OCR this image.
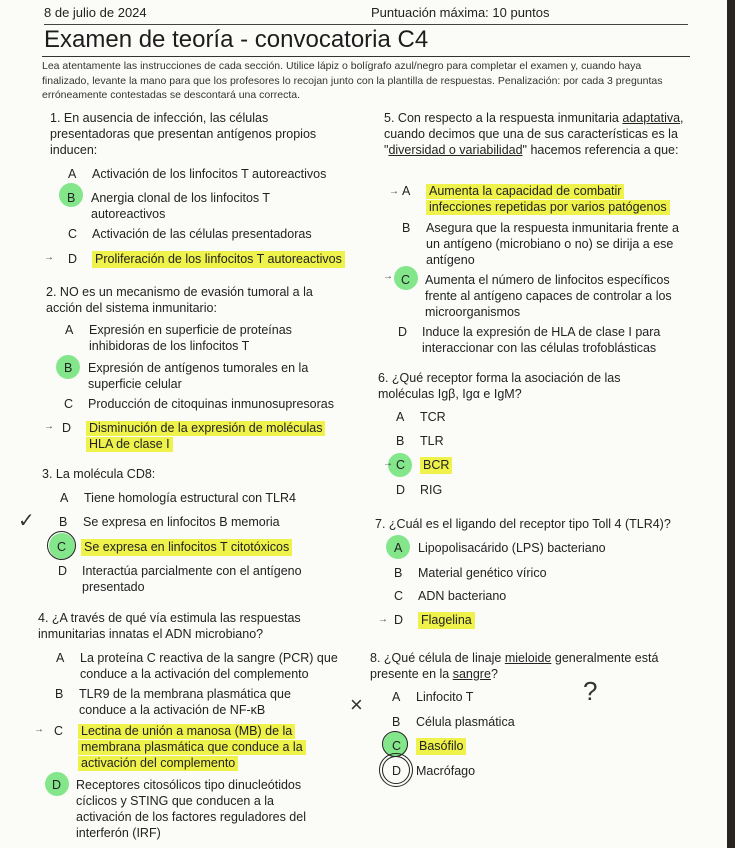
8 de julio de 2024	Puntuación máxima: 10 puntos
Examen de teoría - convocatoria C4
Lea atentamente las instrucciones de cada sección. Utilice lápiz o bolígrafo azul/negro para completar el examen y, cuando haya finalizado, levante la mano para que los profesores lo recojan junto con la plantilla de respuestas. Penalización: por cada 3 preguntas erróneamente contestadas se descontará una correcta.
1. En ausencia de infección, las células presentadoras que presentan antígenos propios inducen:
A	Activación de los linfocitos T autoreactivos
B	Anergia clonal de los linfocitos T autoreactivos
C	Activación de las células presentadoras
→ D	Proliferación de los linfocitos T autoreactivos
2. NO es un mecanismo de evasión tumoral a la acción del sistema inmunitario:
A	Expresión en superficie de proteínas inhibidoras de los linfocitos T
B	Expresión de antígenos tumorales en la superficie celular
C	Producción de citoquinas inmunosupresoras
→ D	Disminución de la expresión de moléculas HLA de clase I
3. La molécula CD8:
A	Tiene homología estructural con TLR4
✓ B	Se expresa en linfocitos B memoria
C	Se expresa en linfocitos T citotóxicos
D	Interactúa parcialmente con el antígeno presentado
4. ¿A través de qué vía estimula las respuestas inmunitarias innatas el ADN microbiano?
A	La proteína C reactiva de la sangre (PCR) que conduce a la activación del complemento
B	TLR9 de la membrana plasmática que conduce a la activación de NF-κB	×
→ C	Lectina de unión a manosa (MB) de la membrana plasmática que conduce a la activación del complemento
D	Receptores citosólicos tipo dinucleótidos cíclicos y STING que conducen a la activación de los factores reguladores del interferón (IRF)
5. Con respecto a la respuesta inmunitaria adaptativa, cuando decimos que una de sus características es la "diversidad o variabilidad" hacemos referencia a que:
→ A	Aumenta la capacidad de combatir infecciones repetidas por varios patógenos
B	Asegura que la respuesta inmunitaria frente a un antígeno (microbiano o no) se dirija a ese antígeno
→ C	Aumenta el número de linfocitos específicos frente al antígeno capaces de controlar a los microorganismos
D	Induce la expresión de HLA de clase I para interaccionar con las células trofoblásticas
6. ¿Qué receptor forma la asociación de las moléculas Igβ, Igα e IgM?
A	TCR
B	TLR
→ C	BCR
D	RIG
7. ¿Cuál es el ligando del receptor tipo Toll 4 (TLR4)?
A	Lipopolisacárido (LPS) bacteriano
B	Material genético vírico
C	ADN bacteriano
→ D	Flagelina
8. ¿Qué célula de linaje mieloide generalmente está presente en la sangre?
?
A	Linfocito T
B	Célula plasmática
C	Basófilo
D	Macrófago
